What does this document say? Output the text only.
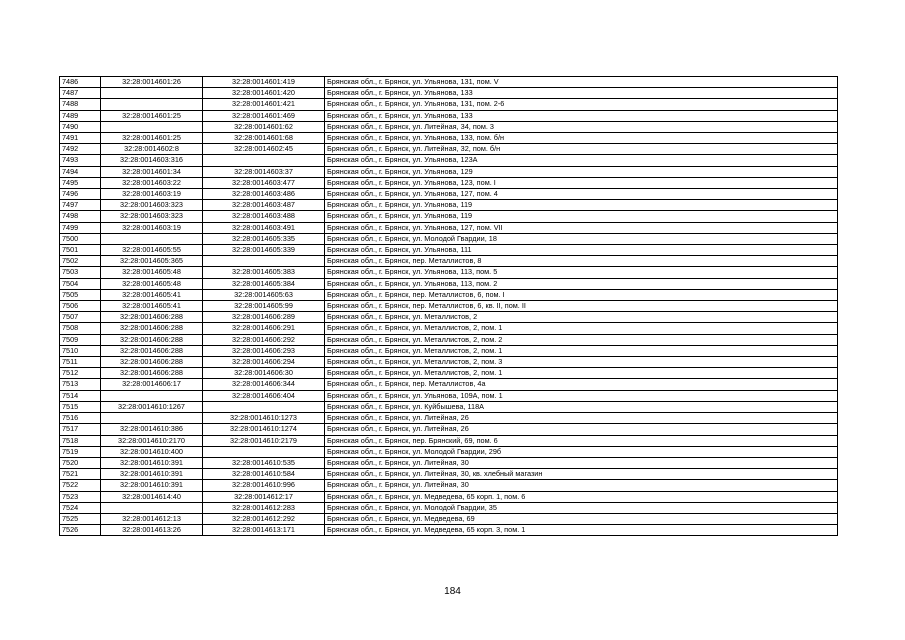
7486	32:28:0014601:26	32:28:0014601:419	Брянская обл., г. Брянск, ул. Ульянова, 131, пом. V
7487		32:28:0014601:420	Брянская обл., г. Брянск, ул. Ульянова, 133
7488		32:28:0014601:421	Брянская обл., г. Брянск, ул. Ульянова, 131, пом. 2-6
7489	32:28:0014601:25	32:28:0014601:469	Брянская обл., г. Брянск, ул. Ульянова, 133
7490		32:28:0014601:62	Брянская обл., г. Брянск, ул. Литейная, 34, пом. 3
7491	32:28:0014601:25	32:28:0014601:68	Брянская обл., г. Брянск, ул. Ульянова, 133, пом. б/н
7492	32:28:0014602:8	32:28:0014602:45	Брянская обл., г. Брянск, ул. Литейная, 32, пом. б/н
7493	32:28:0014603:316		Брянская обл., г. Брянск, ул. Ульянова, 123А
7494	32:28:0014601:34	32:28:0014603:37	Брянская обл., г. Брянск, ул. Ульянова, 129
7495	32:28:0014603:22	32:28:0014603:477	Брянская обл., г. Брянск, ул. Ульянова, 123, пом. I
7496	32:28:0014603:19	32:28:0014603:486	Брянская обл., г. Брянск, ул. Ульянова, 127, пом. 4
7497	32:28:0014603:323	32:28:0014603:487	Брянская обл., г. Брянск, ул. Ульянова, 119
7498	32:28:0014603:323	32:28:0014603:488	Брянская обл., г. Брянск, ул. Ульянова, 119
7499	32:28:0014603:19	32:28:0014603:491	Брянская обл., г. Брянск, ул. Ульянова, 127, пом. VII
7500		32:28:0014605:335	Брянская обл., г. Брянск, ул. Молодой Гвардии, 18
7501	32:28:0014605:55	32:28:0014605:339	Брянская обл., г. Брянск, ул. Ульянова, 111
7502	32:28:0014605:365		Брянская обл., г. Брянск, пер. Металлистов, 8
7503	32:28:0014605:48	32:28:0014605:383	Брянская обл., г. Брянск, ул. Ульянова, 113, пом. 5
7504	32:28:0014605:48	32:28:0014605:384	Брянская обл., г. Брянск, ул. Ульянова, 113, пом. 2
7505	32:28:0014605:41	32:28:0014605:63	Брянская обл., г. Брянск, пер. Металлистов, 6, пом. I
7506	32:28:0014605:41	32:28:0014605:99	Брянская обл., г. Брянск, пер. Металлистов, 6, кв. II, пом. II
7507	32:28:0014606:288	32:28:0014606:289	Брянская обл., г. Брянск, ул. Металлистов, 2
7508	32:28:0014606:288	32:28:0014606:291	Брянская обл., г. Брянск, ул. Металлистов, 2, пом. 1
7509	32:28:0014606:288	32:28:0014606:292	Брянская обл., г. Брянск, ул. Металлистов, 2, пом. 2
7510	32:28:0014606:288	32:28:0014606:293	Брянская обл., г. Брянск, ул. Металлистов, 2, пом. 1
7511	32:28:0014606:288	32:28:0014606:294	Брянская обл., г. Брянск, ул. Металлистов, 2, пом. 3
7512	32:28:0014606:288	32:28:0014606:30	Брянская обл., г. Брянск, ул. Металлистов, 2, пом. 1
7513	32:28:0014606:17	32:28:0014606:344	Брянская обл., г. Брянск, пер. Металлистов, 4а
7514		32:28:0014606:404	Брянская обл., г. Брянск, ул. Ульянова, 109А, пом. 1
7515	32:28:0014610:1267		Брянская обл., г. Брянск, ул. Куйбышева, 118А
7516		32:28:0014610:1273	Брянская обл., г. Брянск, ул. Литейная, 26
7517	32:28:0014610:386	32:28:0014610:1274	Брянская обл., г. Брянск, ул. Литейная, 26
7518	32:28:0014610:2170	32:28:0014610:2179	Брянская обл., г. Брянск, пер. Брянский, 69, пом. 6
7519	32:28:0014610:400		Брянская обл., г. Брянск, ул. Молодой Гвардии, 29б
7520	32:28:0014610:391	32:28:0014610:535	Брянская обл., г. Брянск, ул. Литейная, 30
7521	32:28:0014610:391	32:28:0014610:584	Брянская обл., г. Брянск, ул. Литейная, 30, кв. хлебный магазин
7522	32:28:0014610:391	32:28:0014610:996	Брянская обл., г. Брянск, ул. Литейная, 30
7523	32:28:0014614:40	32:28:0014612:17	Брянская обл., г. Брянск, ул. Медведева, 65 корп. 1, пом. 6
7524		32:28:0014612:283	Брянская обл., г. Брянск, ул. Молодой Гвардии, 35
7525	32:28:0014612:13	32:28:0014612:292	Брянская обл., г. Брянск, ул. Медведева, 69
7526	32:28:0014613:26	32:28:0014613:171	Брянская обл., г. Брянск, ул. Медведева, 65 корп. 3, пом. 1
184
